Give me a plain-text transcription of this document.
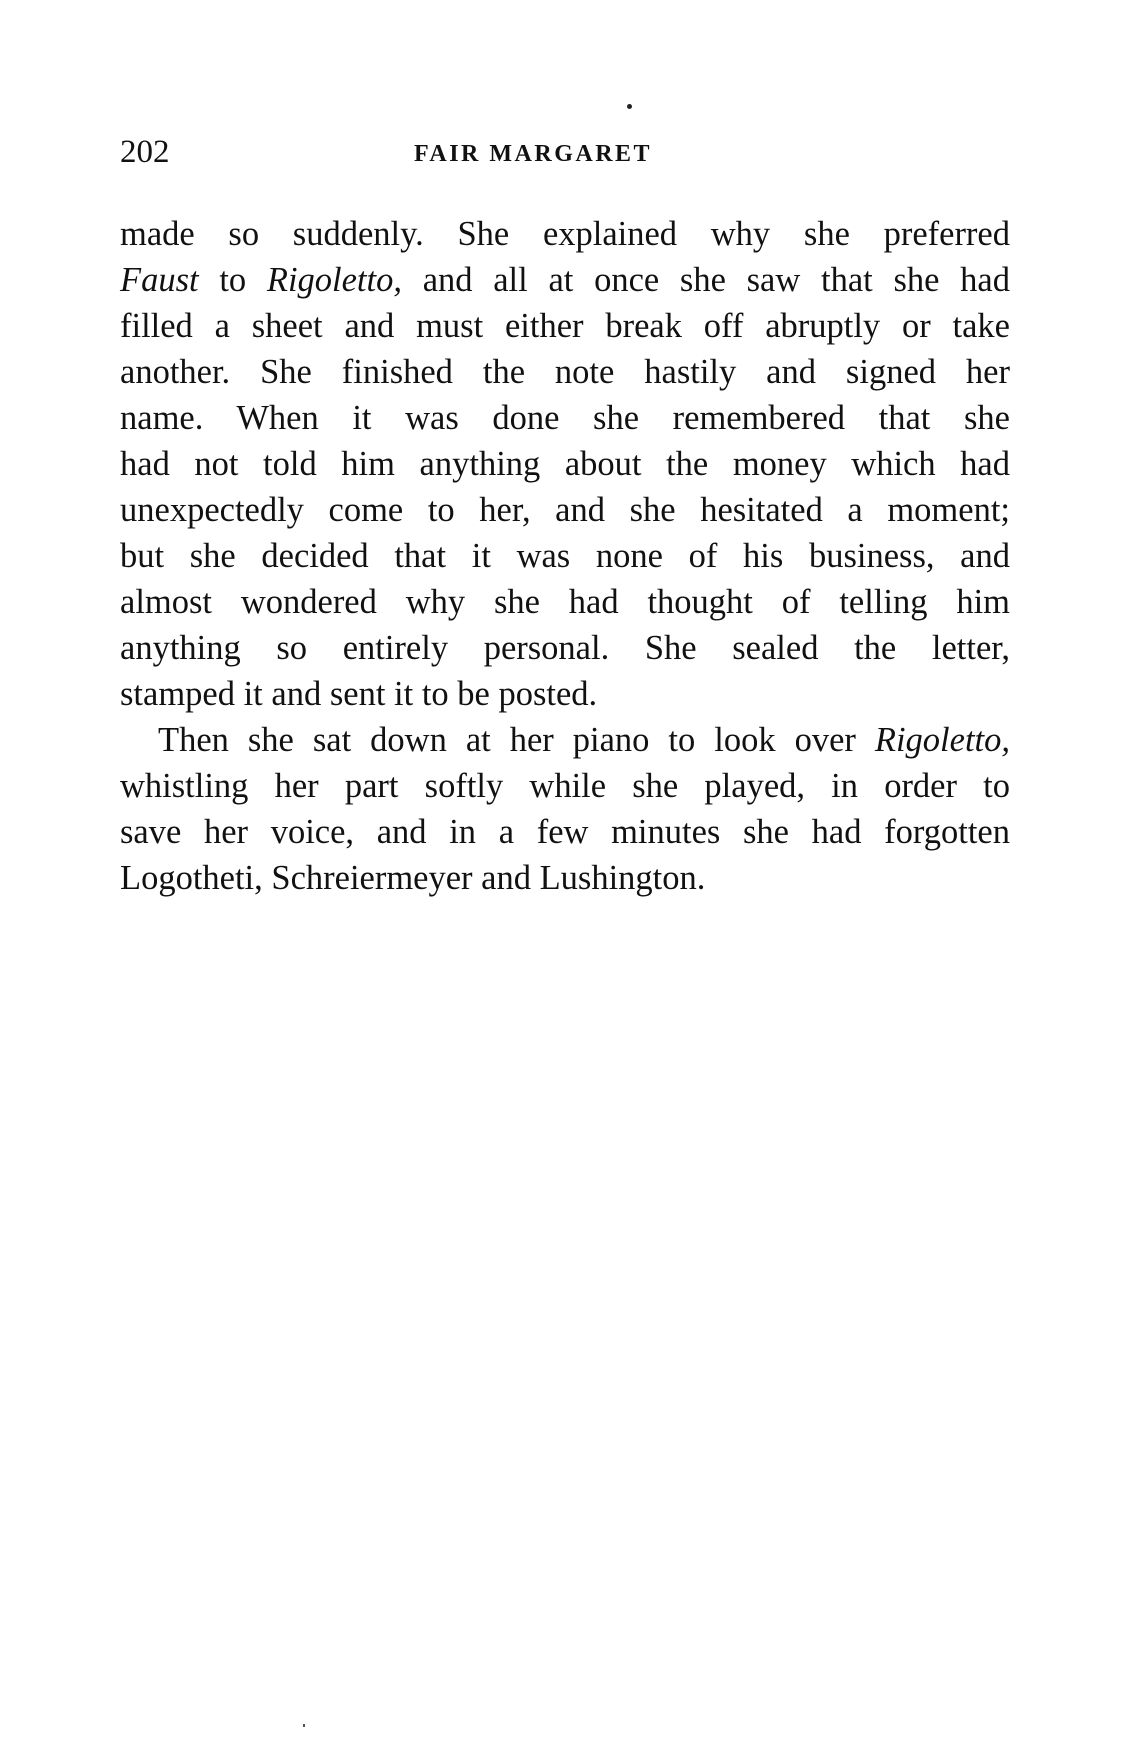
202	FAIR MARGARET
made so suddenly. She explained why she preferred
Faust to Rigoletto, and all at once she saw that she had
filled a sheet and must either break off abruptly or take
another. She finished the note hastily and signed her
name. When it was done she remembered that she
had not told him anything about the money which had
unexpectedly come to her, and she hesitated a moment;
but she decided that it was none of his business, and
almost wondered why she had thought of telling him
anything so entirely personal. She sealed the letter,
stamped it and sent it to be posted.
Then she sat down at her piano to look over Rigoletto,
whistling her part softly while she played, in order to
save her voice, and in a few minutes she had forgotten
Logotheti, Schreiermeyer and Lushington.
